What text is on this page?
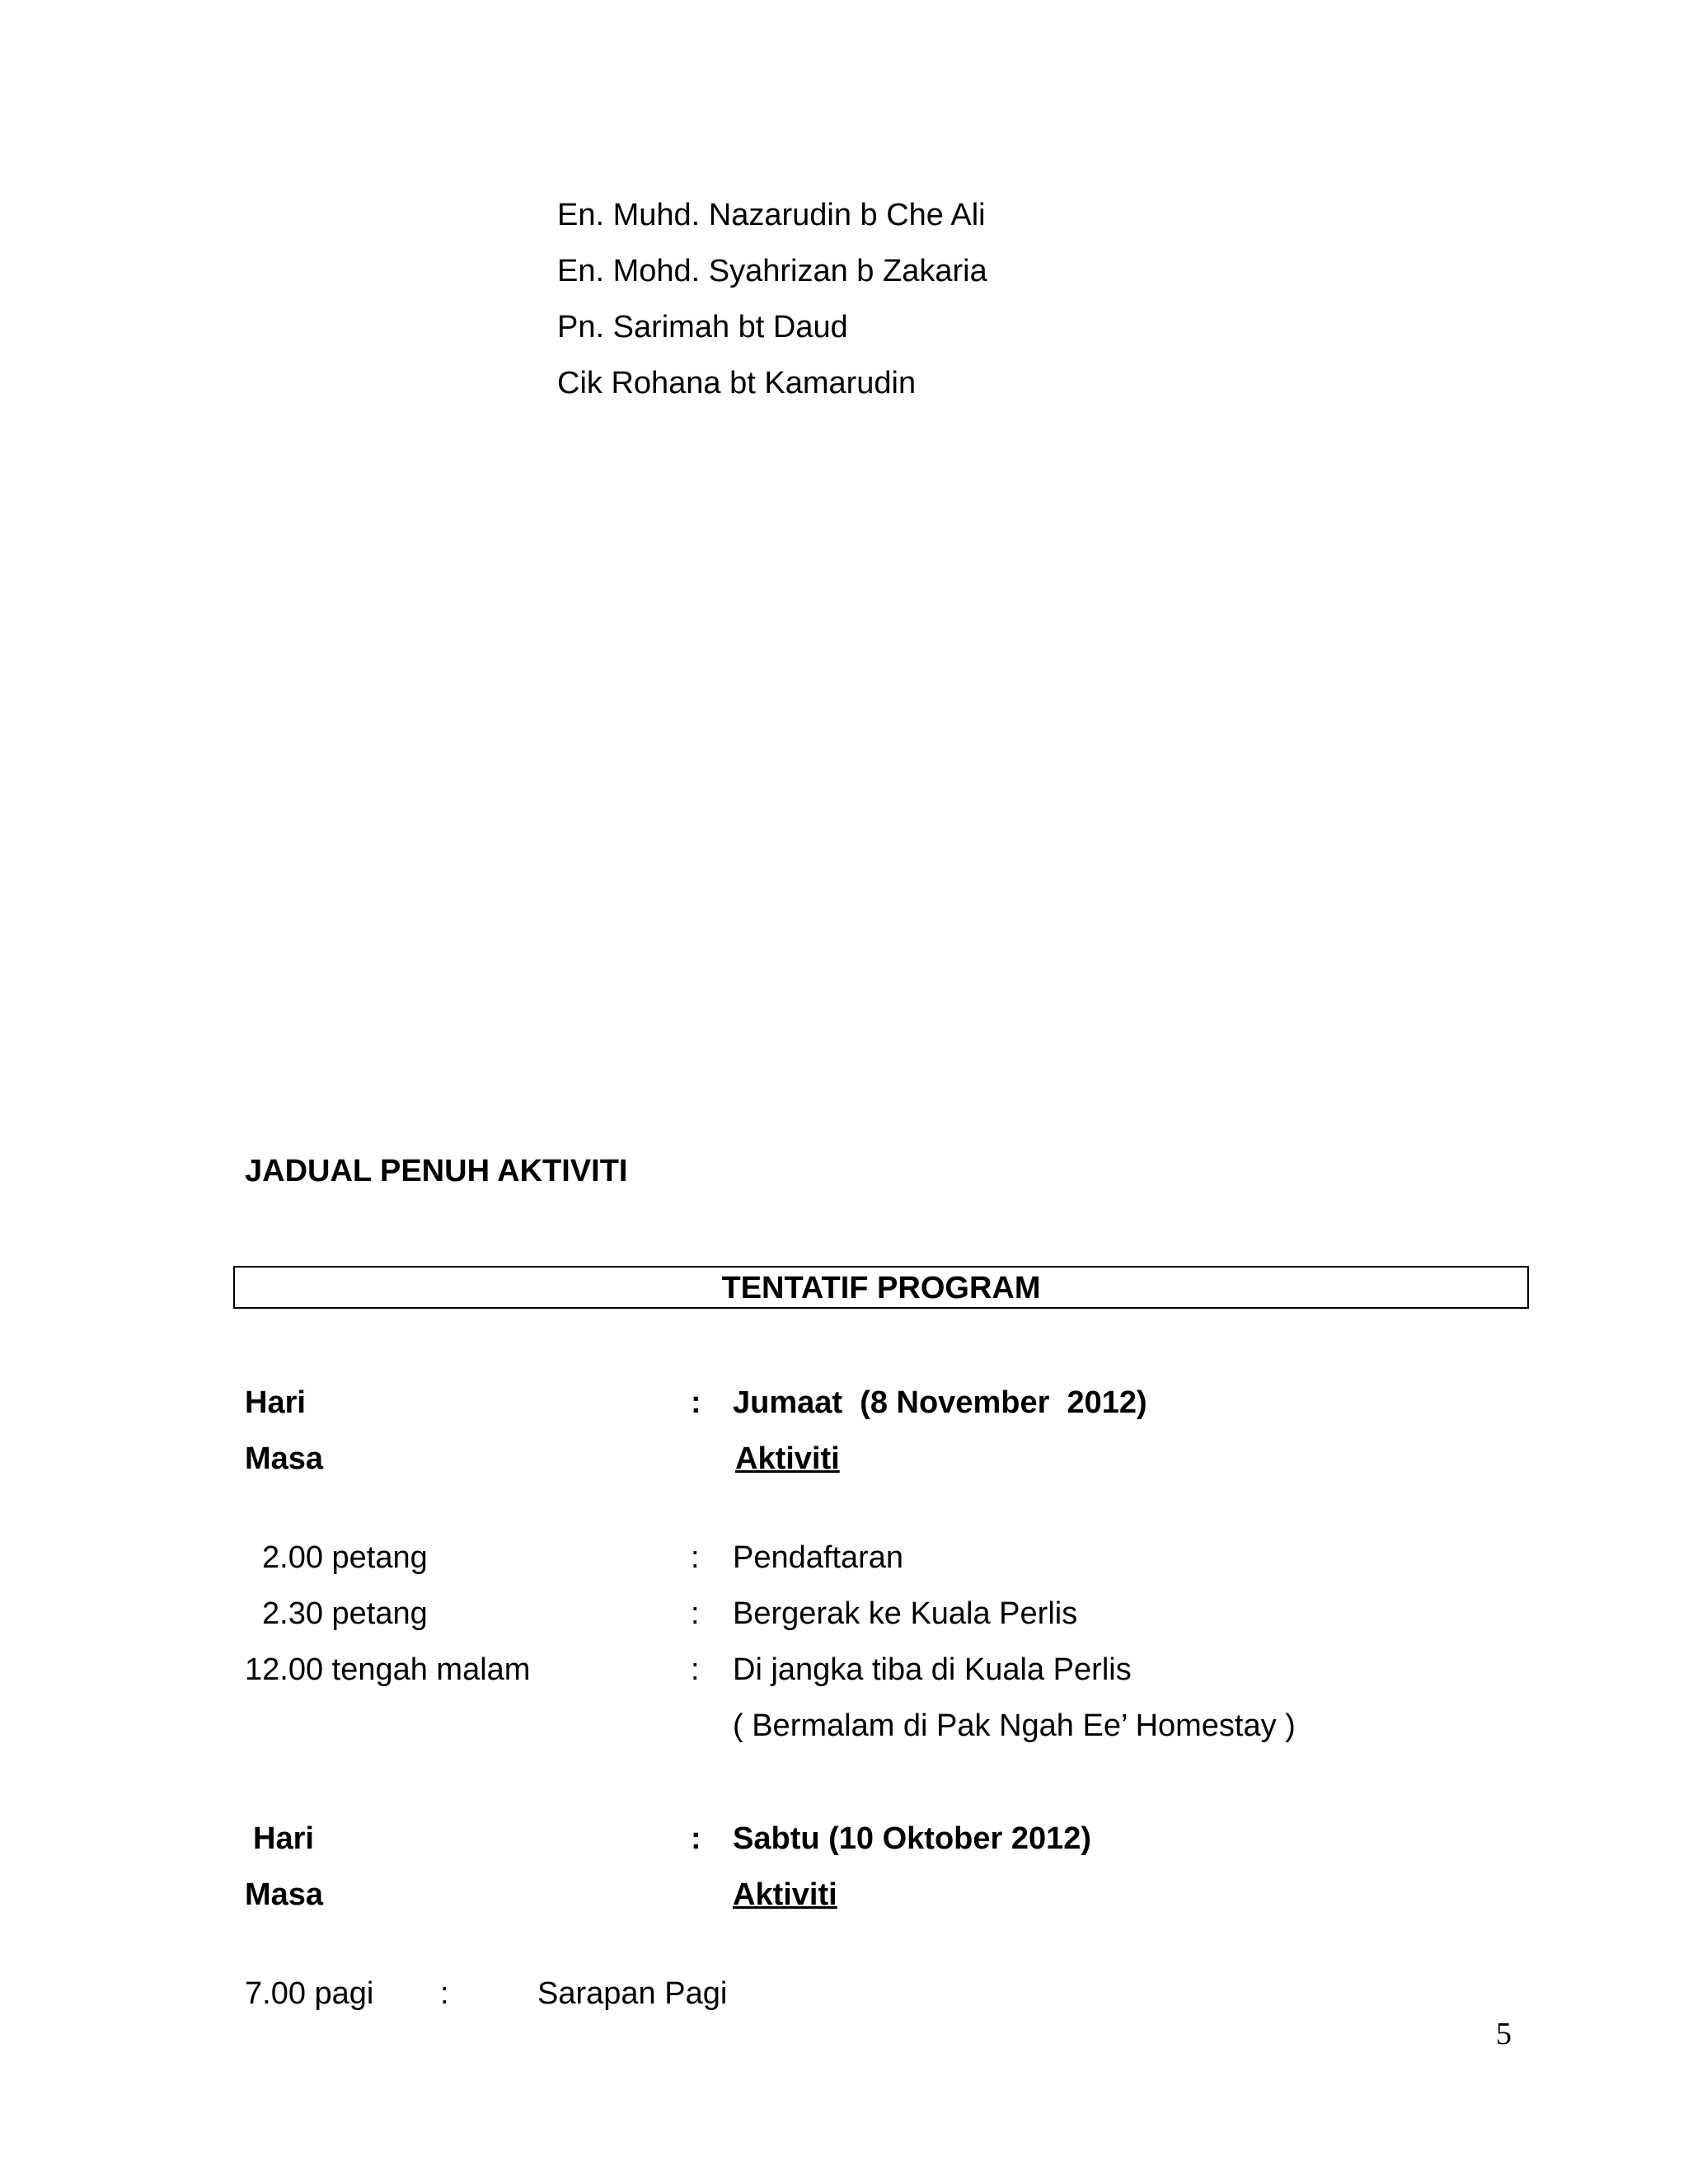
En. Muhd. Nazarudin b Che Ali
En. Mohd. Syahrizan b Zakaria
Pn. Sarimah bt Daud
Cik Rohana bt Kamarudin
JADUAL PENUH AKTIVITI
TENTATIF PROGRAM
Hari	: Jumaat  (8 November  2012)
Masa	Aktiviti
2.00 petang	: Pendaftaran
2.30 petang	: Bergerak ke Kuala Perlis
12.00 tengah malam	: Di jangka tiba di Kuala Perlis
( Bermalam di Pak Ngah Ee’ Homestay )
Hari	: Sabtu (10 Oktober 2012)
Masa	Aktiviti
7.00 pagi :	Sarapan Pagi
5
